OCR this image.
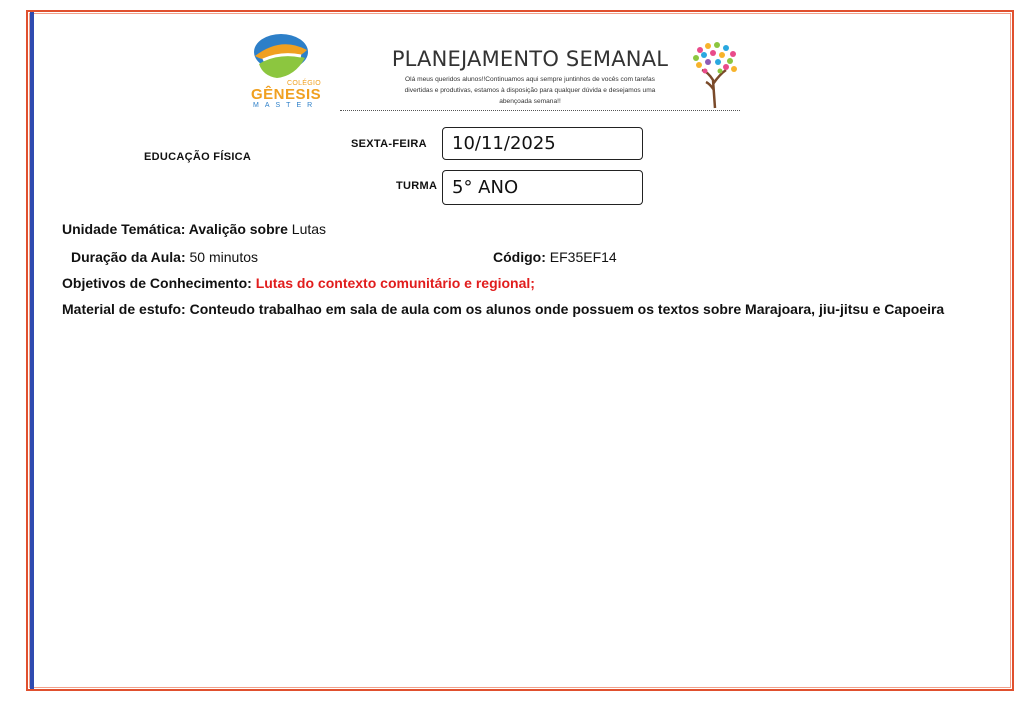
COLÉGIO
GÊNESIS
MASTER
PLANEJAMENTO SEMANAL
Olá meus queridos alunos!!Continuamos aqui sempre juntinhos de vocês com tarefas
divertidas e produtivas, estamos à disposição para qualquer dúvida e desejamos uma
abençoada semana!!
EDUCAÇÃO FÍSICA
SEXTA-FEIRA	10/11/2025
TURMA 5° ANO
Unidade Temática: Avalição sobre Lutas
Duração da Aula: 50 minutos	Código: EF35EF14
Objetivos de Conhecimento: Lutas do contexto comunitário e regional;
Material de estufo: Conteudo trabalhao em sala de aula com os alunos onde possuem os textos sobre Marajoara, jiu-jitsu e Capoeira
